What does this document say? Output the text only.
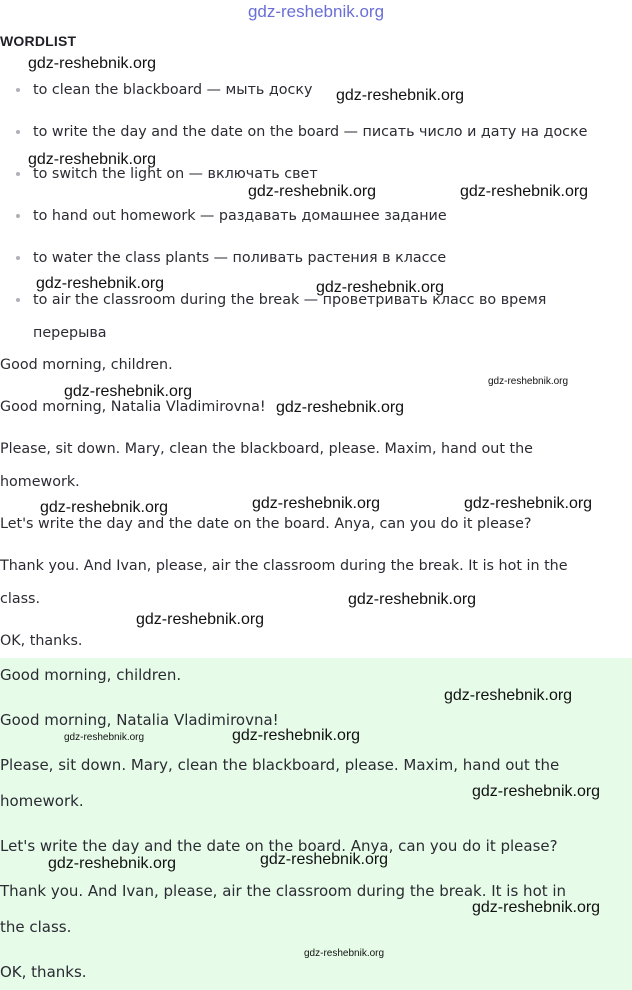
gdz-reshebnik.org
WORDLIST
to clean the blackboard — мыть доску
to write the day and the date on the board — писать число и дату на доске
to switch the light on — включать свет
to hand out homework — раздавать домашнее задание
to water the class plants — поливать растения в классе
to air the classroom during the break — проветривать класс во время
перерыва
Good morning, children.
Good morning, Natalia Vladimirovna!
Please, sit down. Mary, clean the blackboard, please. Maxim, hand out the
homework.
Let's write the day and the date on the board. Anya, can you do it please?
Thank you. And Ivan, please, air the classroom during the break. It is hot in the
class.
OK, thanks.
Good morning, children.
Good morning, Natalia Vladimirovna!
Please, sit down. Mary, clean the blackboard, please. Maxim, hand out the
homework.
Let's write the day and the date on the board. Anya, can you do it please?
Thank you. And Ivan, please, air the classroom during the break. It is hot in
the class.
OK, thanks.
gdz-reshebnik.org
gdz-reshebnik.org
gdz-reshebnik.org
gdz-reshebnik.org	gdz-reshebnik.org
gdz-reshebnik.org	gdz-reshebnik.org
gdz-reshebnik.org
gdz-reshebnik.org
gdz-reshebnik.org
gdz-reshebnik.org	gdz-reshebnik.org	gdz-reshebnik.org
gdz-reshebnik.org
gdz-reshebnik.org
gdz-reshebnik.org
gdz-reshebnik.org	gdz-reshebnik.org
gdz-reshebnik.org
gdz-reshebnik.org	gdz-reshebnik.org
gdz-reshebnik.org
gdz-reshebnik.org
